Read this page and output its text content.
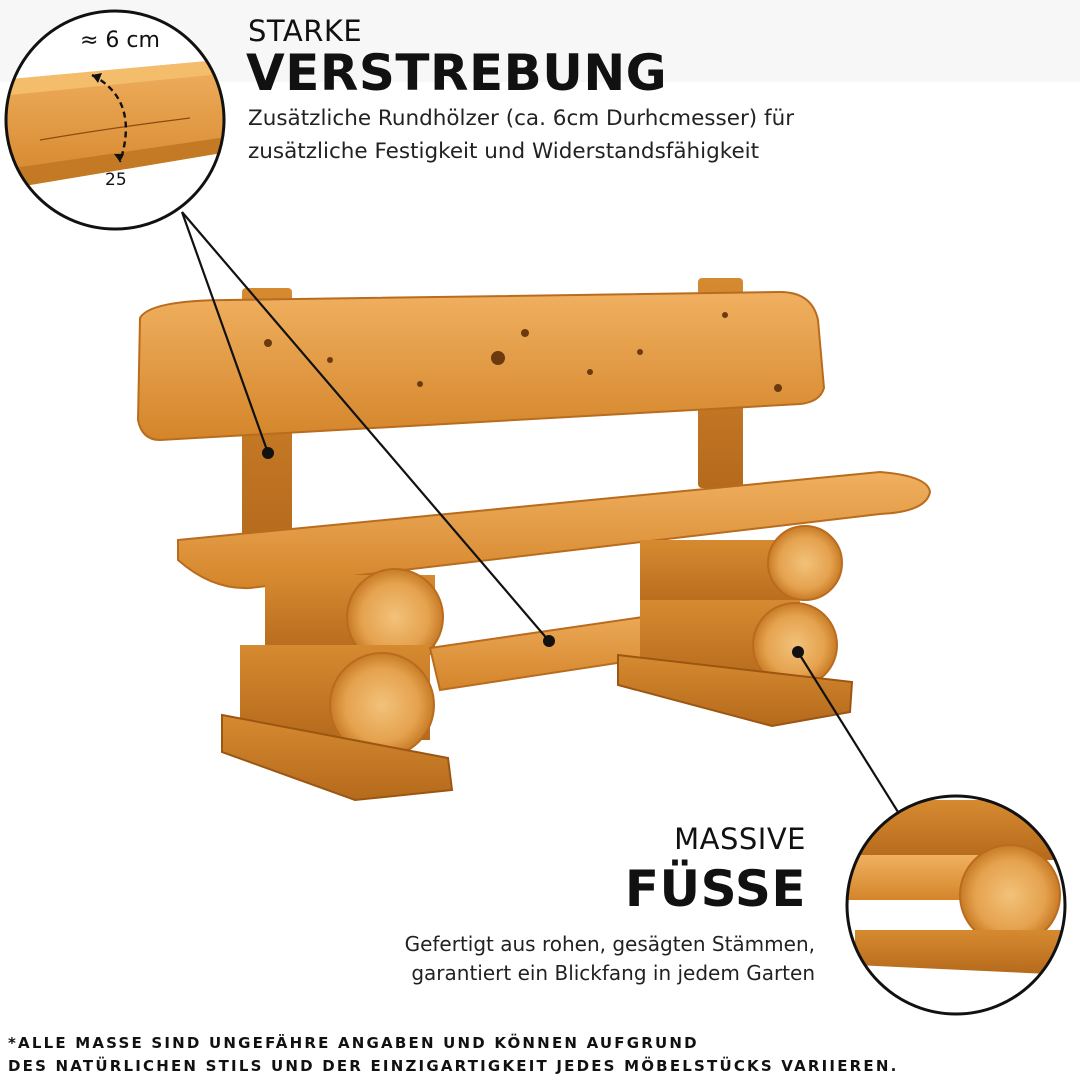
≈ 6 cm
25
STARKE
VERSTREBUNG
Zusätzliche Rundhölzer (ca. 6cm Durhcmesser) für
zusätzliche Festigkeit und Widerstandsfähigkeit
MASSIVE
FÜSSE
Gefertigt aus rohen, gesägten Stämmen,
garantiert ein Blickfang in jedem Garten
*ALLE MASSE SIND UNGEFÄHRE ANGABEN UND KÖNNEN AUFGRUND
DES NATÜRLICHEN STILS UND DER EINZIGARTIGKEIT JEDES MÖBELSTÜCKS VARIIEREN.
